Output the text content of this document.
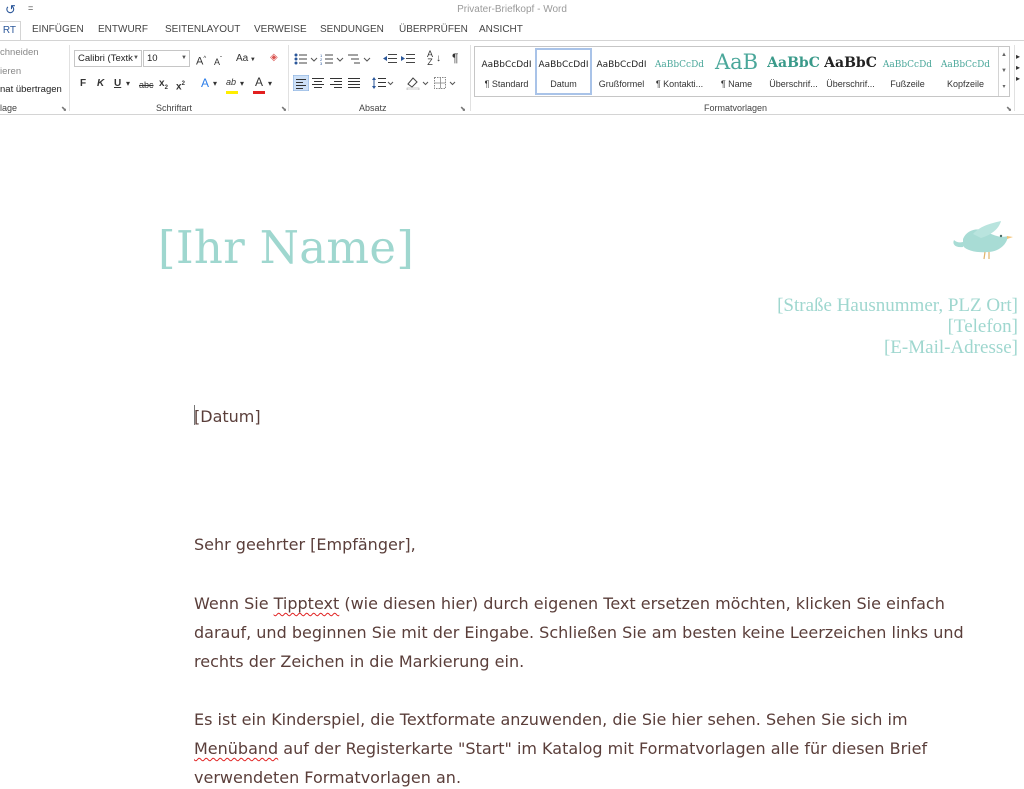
↺ =	Privater-Briefkopf - Word
RT	EINFÜGEN ENTWURF SEITENLAYOUT VERWEISE SENDUNGEN ÜBERPRÜFEN ANSICHT
chneiden
ieren
nat übertragen
lage	⬊
Calibri (Textk ▼ 10	▼ A^ $A^ˇ$ Aa ▼ ◈
F K U ▾ abc $x_2$ $x^2$ A ▾ ab ▾ A ▾
Schriftart	⬊
1
2
3
A
Z ↓ ¶
Absatz	⬊
AaBbCcDdI
¶ Standard
AaBbCcDdI
Datum
AaBbCcDdI
Grußformel
AaBbCcDd
¶ Kontakti...
AaB
¶ Name
AaBbC
Überschrif...
AaBbC
Überschrif...
AaBbCcDd
Fußzeile
AaBbCcDd
Kopfzeile
▲
▼
▾
Formatvorlagen	⬊
▸
▸
▸
[Ihr Name]
[Straße Hausnummer, PLZ Ort]
[Telefon]
[E-Mail-Adresse]
[Datum]
Sehr geehrter [Empfänger],
Wenn Sie Tipptext (wie diesen hier) durch eigenen Text ersetzen möchten, klicken Sie einfach
darauf, und beginnen Sie mit der Eingabe. Schließen Sie am besten keine Leerzeichen links und
rechts der Zeichen in die Markierung ein.
Es ist ein Kinderspiel, die Textformate anzuwenden, die Sie hier sehen. Sehen Sie sich im
Menüband auf der Registerkarte "Start" im Katalog mit Formatvorlagen alle für diesen Brief
verwendeten Formatvorlagen an.
